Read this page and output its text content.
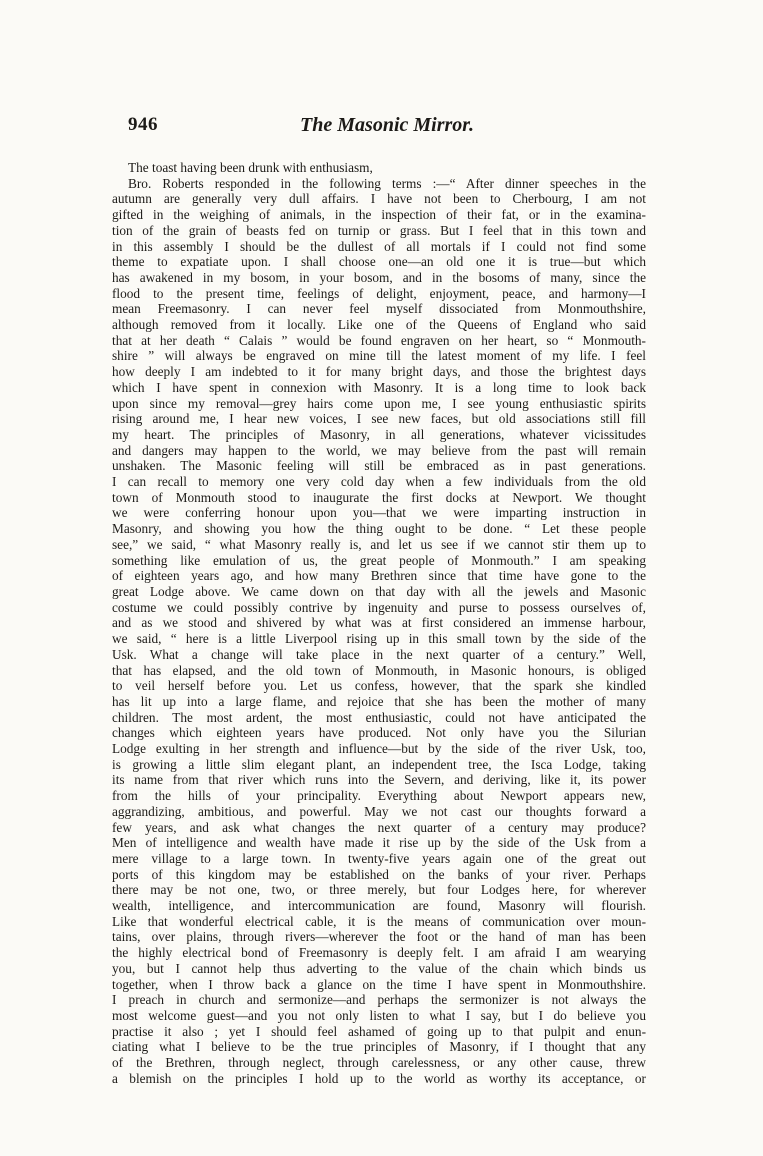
946	The Masonic Mirror.
The toast having been drunk with enthusiasm,
Bro. Roberts responded in the following terms :—“ After dinner speeches in the
autumn are generally very dull affairs. I have not been to Cherbourg, I am not
gifted in the weighing of animals, in the inspection of their fat, or in the examina-
tion of the grain of beasts fed on turnip or grass. But I feel that in this town and
in this assembly I should be the dullest of all mortals if I could not find some
theme to expatiate upon. I shall choose one—an old one it is true—but which
has awakened in my bosom, in your bosom, and in the bosoms of many, since the
flood to the present time, feelings of delight, enjoyment, peace, and harmony—I
mean Freemasonry. I can never feel myself dissociated from Monmouthshire,
although removed from it locally. Like one of the Queens of England who said
that at her death “ Calais ” would be found engraven on her heart, so “ Monmouth-
shire ” will always be engraved on mine till the latest moment of my life. I feel
how deeply I am indebted to it for many bright days, and those the brightest days
which I have spent in connexion with Masonry. It is a long time to look back
upon since my removal—grey hairs come upon me, I see young enthusiastic spirits
rising around me, I hear new voices, I see new faces, but old associations still fill
my heart. The principles of Masonry, in all generations, whatever vicissitudes
and dangers may happen to the world, we may believe from the past will remain
unshaken. The Masonic feeling will still be embraced as in past generations.
I can recall to memory one very cold day when a few individuals from the old
town of Monmouth stood to inaugurate the first docks at Newport. We thought
we were conferring honour upon you—that we were imparting instruction in
Masonry, and showing you how the thing ought to be done. “ Let these people
see,” we said, “ what Masonry really is, and let us see if we cannot stir them up to
something like emulation of us, the great people of Monmouth.” I am speaking
of eighteen years ago, and how many Brethren since that time have gone to the
great Lodge above. We came down on that day with all the jewels and Masonic
costume we could possibly contrive by ingenuity and purse to possess ourselves of,
and as we stood and shivered by what was at first considered an immense harbour,
we said, “ here is a little Liverpool rising up in this small town by the side of the
Usk. What a change will take place in the next quarter of a century.” Well,
that has elapsed, and the old town of Monmouth, in Masonic honours, is obliged
to veil herself before you. Let us confess, however, that the spark she kindled
has lit up into a large flame, and rejoice that she has been the mother of many
children. The most ardent, the most enthusiastic, could not have anticipated the
changes which eighteen years have produced. Not only have you the Silurian
Lodge exulting in her strength and influence—but by the side of the river Usk, too,
is growing a little slim elegant plant, an independent tree, the Isca Lodge, taking
its name from that river which runs into the Severn, and deriving, like it, its power
from the hills of your principality. Everything about Newport appears new,
aggrandizing, ambitious, and powerful. May we not cast our thoughts forward a
few years, and ask what changes the next quarter of a century may produce?
Men of intelligence and wealth have made it rise up by the side of the Usk from a
mere village to a large town. In twenty-five years again one of the great out
ports of this kingdom may be established on the banks of your river. Perhaps
there may be not one, two, or three merely, but four Lodges here, for wherever
wealth, intelligence, and intercommunication are found, Masonry will flourish.
Like that wonderful electrical cable, it is the means of communication over moun-
tains, over plains, through rivers—wherever the foot or the hand of man has been
the highly electrical bond of Freemasonry is deeply felt. I am afraid I am wearying
you, but I cannot help thus adverting to the value of the chain which binds us
together, when I throw back a glance on the time I have spent in Monmouthshire.
I preach in church and sermonize—and perhaps the sermonizer is not always the
most welcome guest—and you not only listen to what I say, but I do believe you
practise it also ; yet I should feel ashamed of going up to that pulpit and enun-
ciating what I believe to be the true principles of Masonry, if I thought that any
of the Brethren, through neglect, through carelessness, or any other cause, threw
a blemish on the principles I hold up to the world as worthy its acceptance, or
